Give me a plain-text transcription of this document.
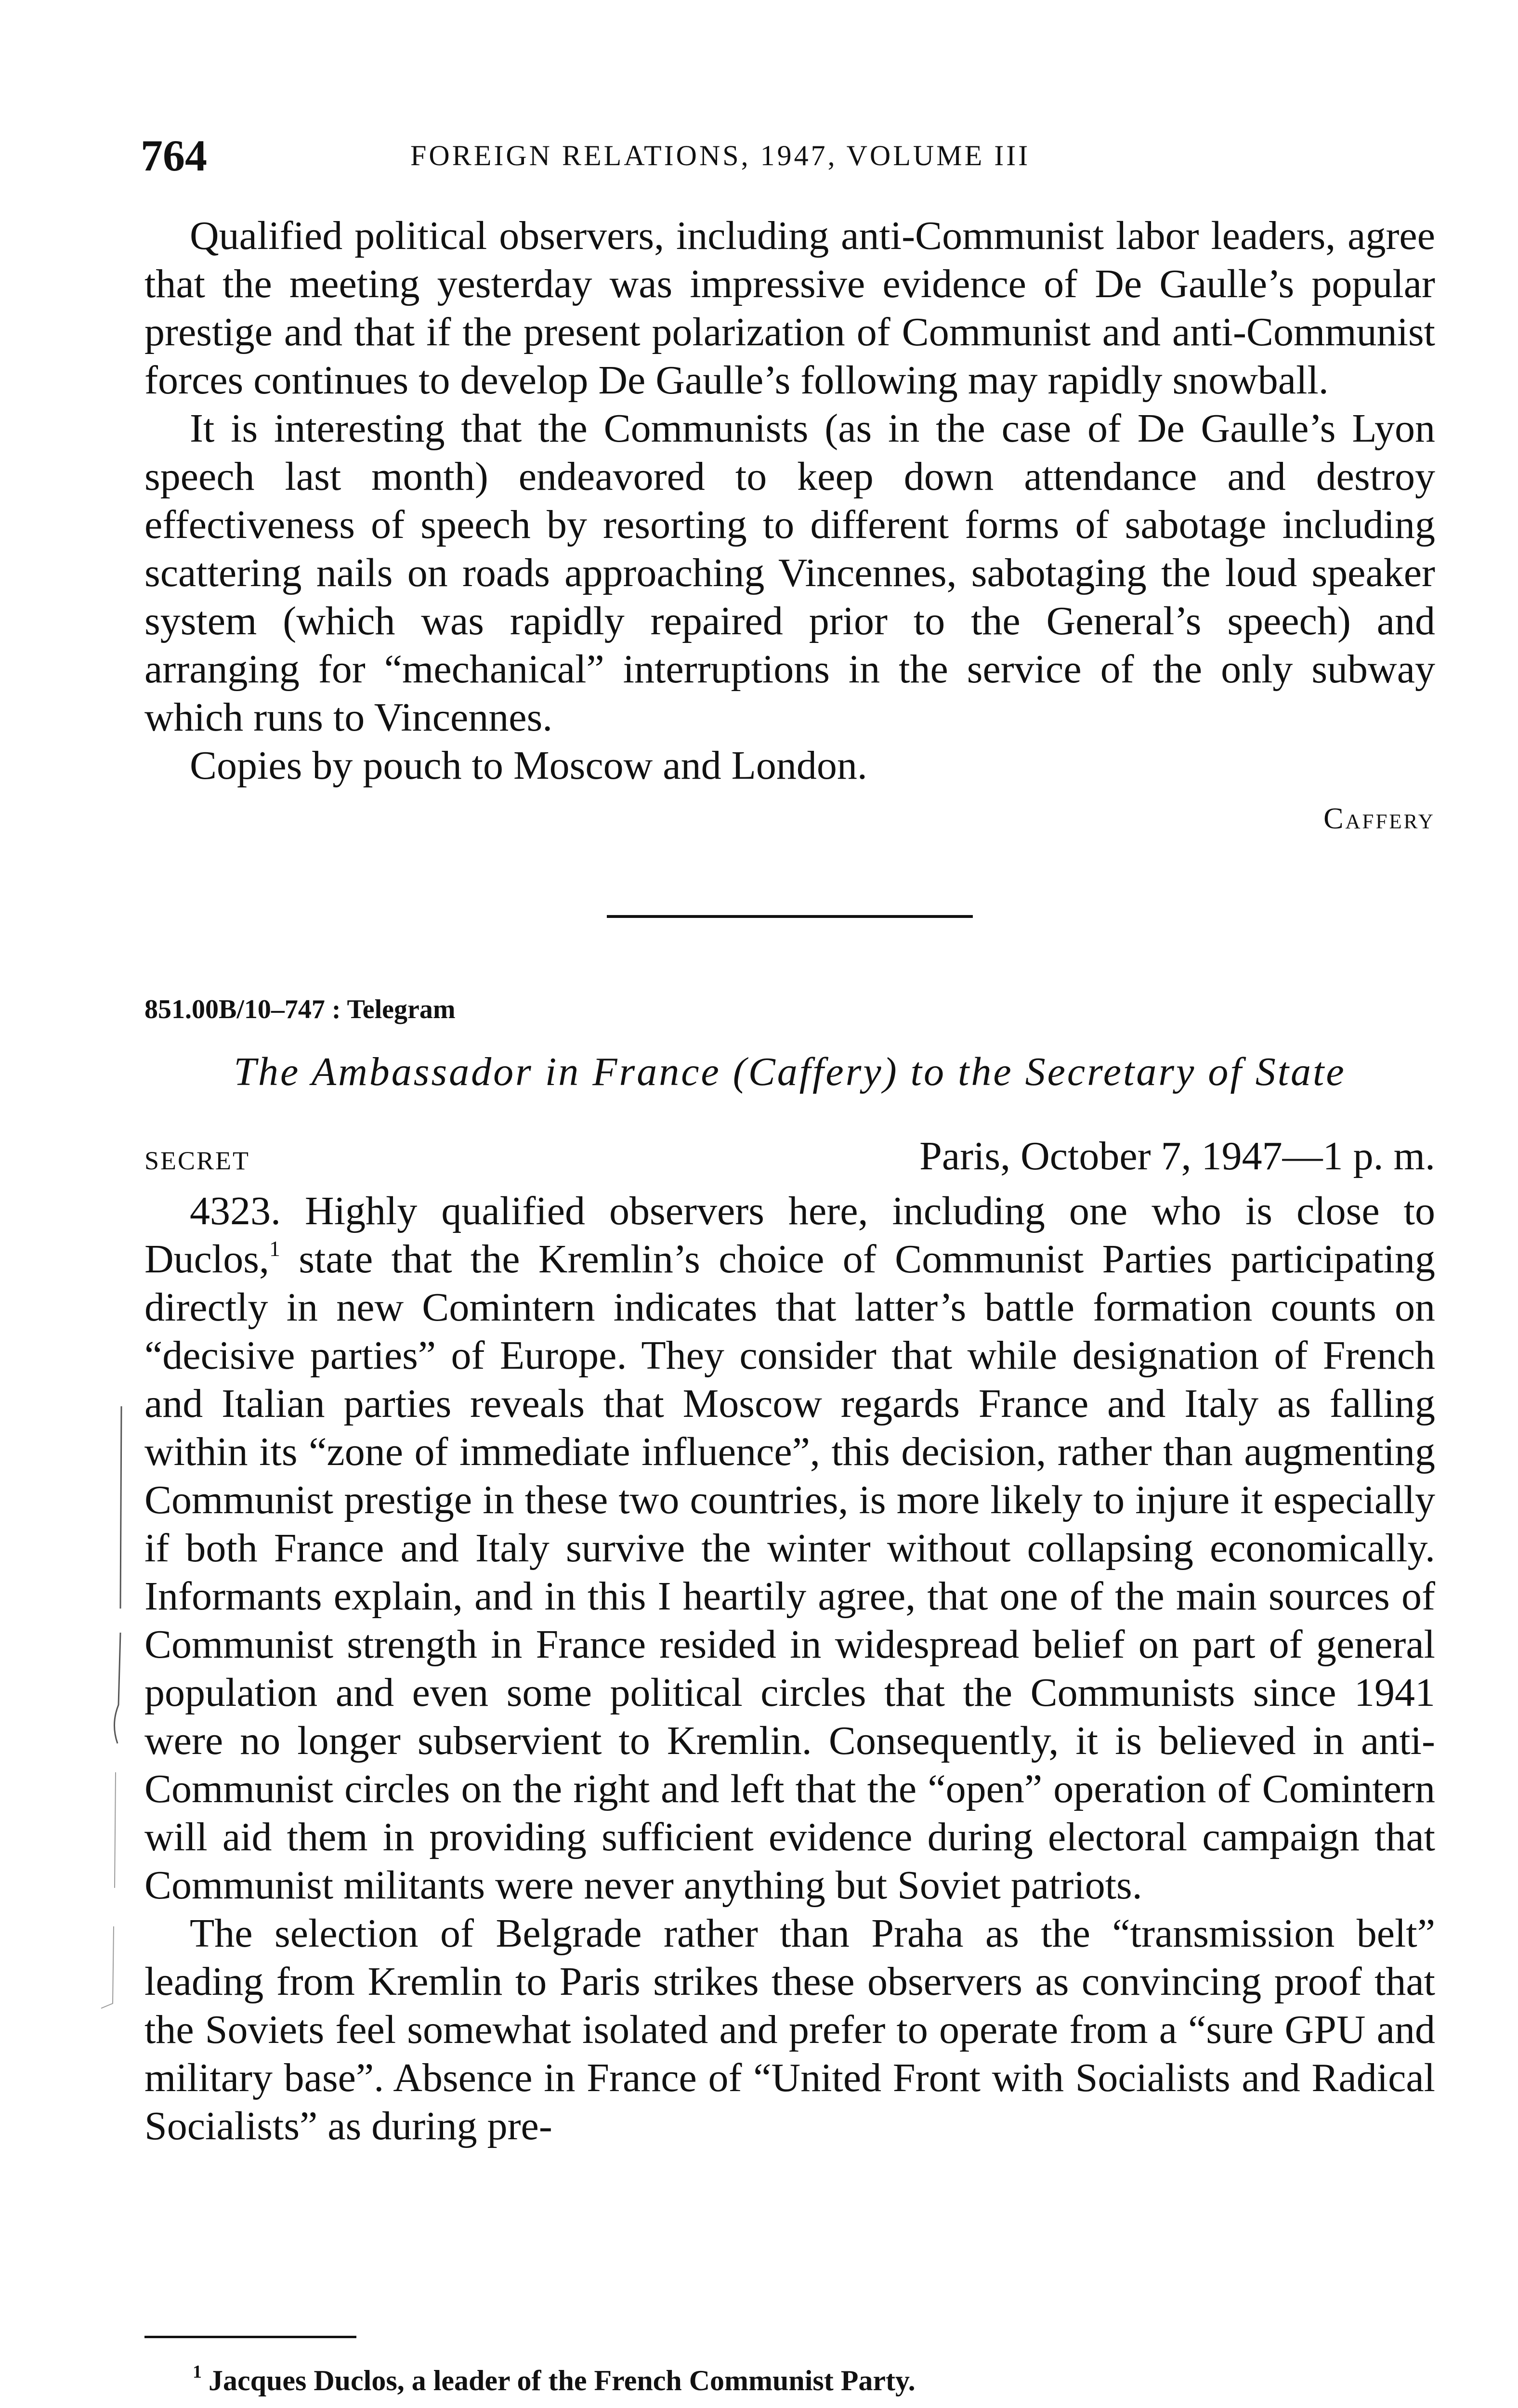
764	FOREIGN RELATIONS, 1947, VOLUME III

Qualified political observers, including anti-Communist labor leaders, agree that the meeting yesterday was impressive evidence of De Gaulle’s popular prestige and that if the present polarization of Communist and anti-Communist forces continues to develop De Gaulle’s following may rapidly snowball.

It is interesting that the Communists (as in the case of De Gaulle’s Lyon speech last month) endeavored to keep down attendance and destroy effectiveness of speech by resorting to different forms of sabotage including scattering nails on roads approaching Vincennes, sabotaging the loud speaker system (which was rapidly repaired prior to the General’s speech) and arranging for “mechanical” interruptions in the service of the only subway which runs to Vincennes.

Copies by pouch to Moscow and London.

Caffery

851.00B/10–747 : Telegram

The Ambassador in France (Caffery) to the Secretary of State

SECRET	Paris, October 7, 1947—1 p. m.

4323. Highly qualified observers here, including one who is close to Duclos,$^1$ state that the Kremlin’s choice of Communist Parties participating directly in new Comintern indicates that latter’s battle formation counts on “decisive parties” of Europe. They consider that while designation of French and Italian parties reveals that Moscow regards France and Italy as falling within its “zone of immediate influence”, this decision, rather than augmenting Communist prestige in these two countries, is more likely to injure it especially if both France and Italy survive the winter without collapsing economically. Informants explain, and in this I heartily agree, that one of the main sources of Communist strength in France resided in widespread belief on part of general population and even some political circles that the Communists since 1941 were no longer subservient to Kremlin. Consequently, it is believed in anti-Communist circles on the right and left that the “open” operation of Comintern will aid them in providing sufficient evidence during electoral campaign that Communist militants were never anything but Soviet patriots.

The selection of Belgrade rather than Praha as the “transmission belt” leading from Kremlin to Paris strikes these observers as convincing proof that the Soviets feel somewhat isolated and prefer to operate from a “sure GPU and military base”. Absence in France of “United Front with Socialists and Radical Socialists” as during pre-

$^1$ Jacques Duclos, a leader of the French Communist Party.
